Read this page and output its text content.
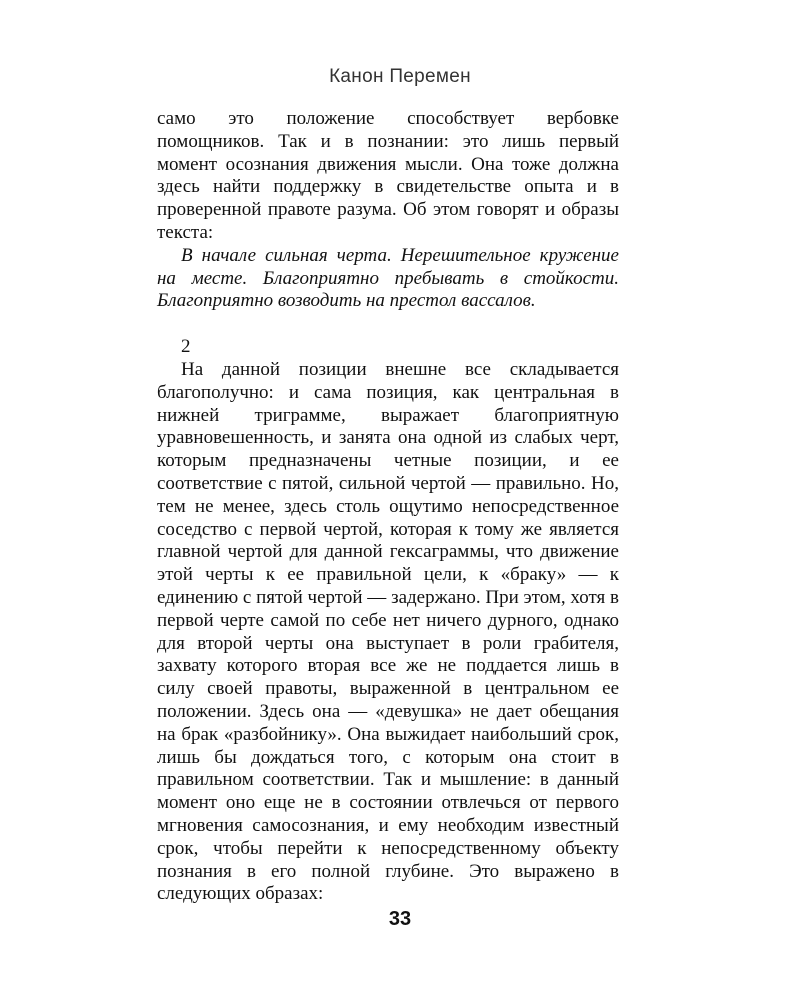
Канон Перемен

само это положение способствует вербовке помощников. Так и в познании: это лишь первый момент осознания движения мысли. Она тоже должна здесь найти поддержку в свидетельстве опыта и в проверенной правоте разума. Об этом говорят и образы текста:

В начале сильная черта. Нерешительное кружение на месте. Благоприятно пребывать в стойкости. Благоприятно возводить на престол вассалов.

2

На данной позиции внешне все складывается благополучно: и сама позиция, как центральная в нижней триграмме, выражает благоприятную уравновешенность, и занята она одной из слабых черт, которым предназначены четные позиции, и ее соответствие с пятой, сильной чертой — правильно. Но, тем не менее, здесь столь ощутимо непосредственное соседство с первой чертой, которая к тому же является главной чертой для данной гексаграммы, что движение этой черты к ее правильной цели, к «браку» — к единению с пятой чертой — задержано. При этом, хотя в первой черте самой по себе нет ничего дурного, однако для второй черты она выступает в роли грабителя, захвату которого вторая все же не поддается лишь в силу своей правоты, выраженной в центральном ее положении. Здесь она — «девушка» не дает обещания на брак «разбойнику». Она выжидает наибольший срок, лишь бы дождаться того, с которым она стоит в правильном соответствии. Так и мышление: в данный момент оно еще не в состоянии отвлечься от первого мгновения самосознания, и ему необходим известный срок, чтобы перейти к непосредственному объекту познания в его полной глубине. Это выражено в следующих образах:

33
